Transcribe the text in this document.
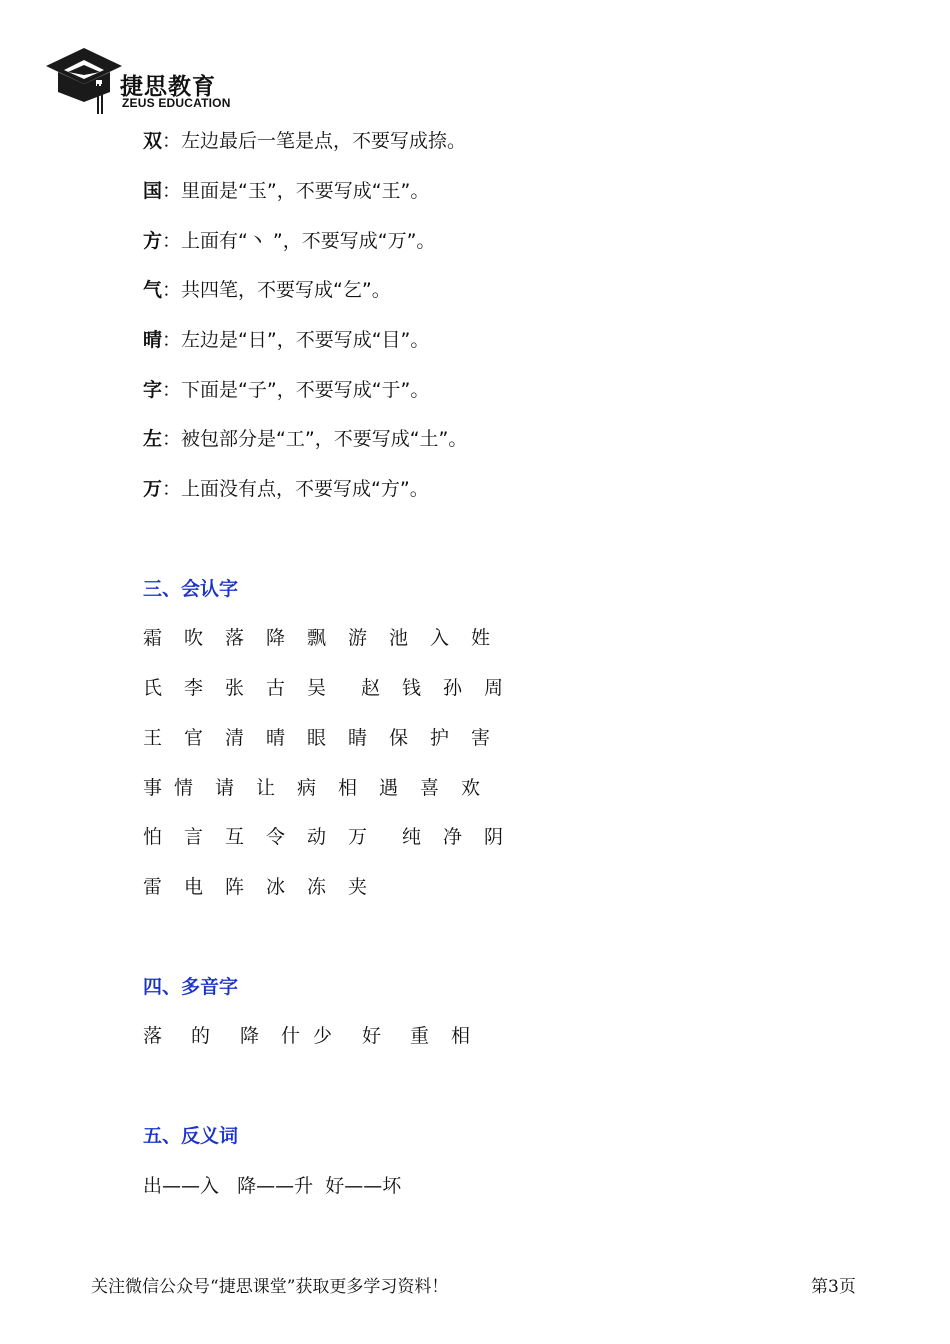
捷思教育
ZEUS EDUCATION
双：左边最后一笔是点，不要写成捺。
国：里面是“玉”，不要写成“王”。
方：上面有“丶 ”，不要写成“万”。
气：共四笔，不要写成“乞”。
晴：左边是“日”，不要写成“目”。
字：下面是“子”，不要写成“于”。
左：被包部分是“工”，不要写成“土”。
万：上面没有点，不要写成“方”。
三、会认字
霜 吹 落 降 飘 游 池 入 姓
氏 李 张 古 吴 赵 钱 孙 周
王 官 清 晴 眼 睛 保 护 害
事 情 请 让 病 相 遇 喜 欢
怕 言 互 令 动 万 纯 净 阴
雷 电 阵 冰 冻 夹
四、多音字
落 的 降 什 少 好 重 相
五、反义词
出——入   降——升  好——坏
关注微信公众号“捷思课堂”获取更多学习资料！	第3页
